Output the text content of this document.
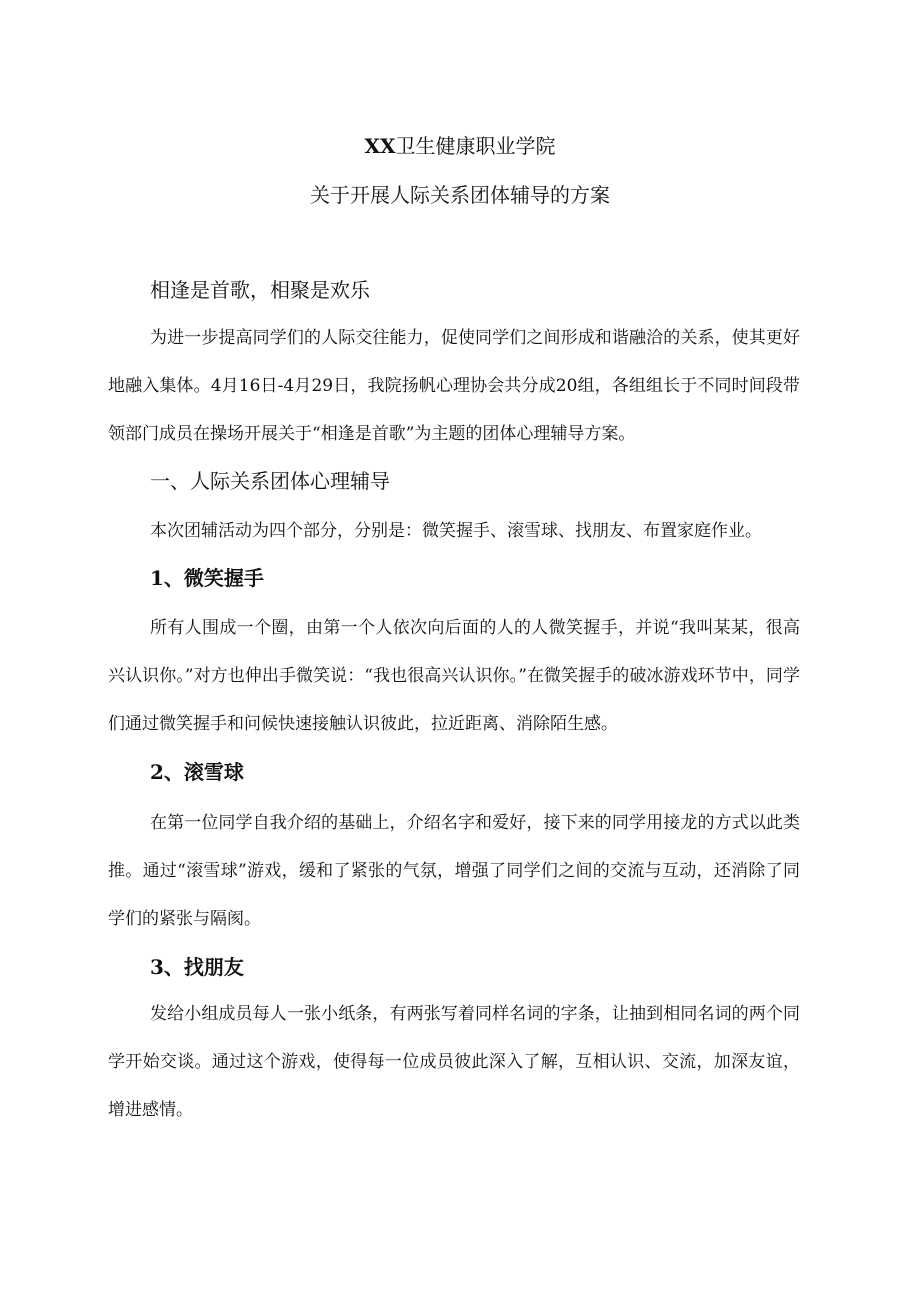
XX卫生健康职业学院
关于开展人际关系团体辅导的方案
相逢是首歌，相聚是欢乐
为进一步提高同学们的人际交往能力，促使同学们之间形成和谐融洽的关系，使其更好地融入集体。4月16日-4月29日，我院扬帆心理协会共分成20组，各组组长于不同时间段带领部门成员在操场开展关于“相逢是首歌”为主题的团体心理辅导方案。
一、人际关系团体心理辅导
本次团辅活动为四个部分，分别是：微笑握手、滚雪球、找朋友、布置家庭作业。
1、微笑握手
所有人围成一个圈，由第一个人依次向后面的人的人微笑握手，并说“我叫某某，很高兴认识你。”对方也伸出手微笑说：“我也很高兴认识你。”在微笑握手的破冰游戏环节中，同学们通过微笑握手和问候快速接触认识彼此，拉近距离、消除陌生感。
2、滚雪球
在第一位同学自我介绍的基础上，介绍名字和爱好，接下来的同学用接龙的方式以此类推。通过“滚雪球”游戏，缓和了紧张的气氛，增强了同学们之间的交流与互动，还消除了同学们的紧张与隔阂。
3、找朋友
发给小组成员每人一张小纸条，有两张写着同样名词的字条，让抽到相同名词的两个同学开始交谈。通过这个游戏，使得每一位成员彼此深入了解，互相认识、交流，加深友谊，增进感情。
